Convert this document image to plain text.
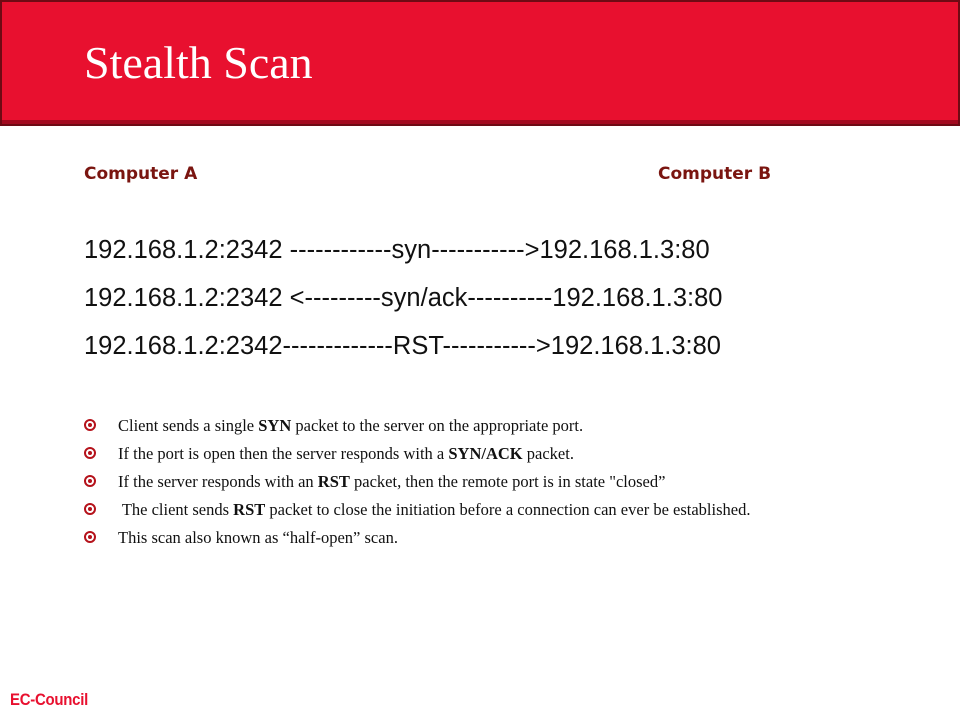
Stealth Scan

Computer A	Computer B

192.168.1.2:2342 ------------syn----------->192.168.1.3:80
192.168.1.2:2342 <---------syn/ack----------192.168.1.3:80
192.168.1.2:2342-------------RST----------->192.168.1.3:80
Client sends a single SYN packet to the server on the appropriate port.
If the port is open then the server responds with a SYN/ACK packet.
If the server responds with an RST packet, then the remote port is in state "closed”
The client sends RST packet to close the initiation before a connection can ever be established.
This scan also known as “half-open” scan.

EC-Council
